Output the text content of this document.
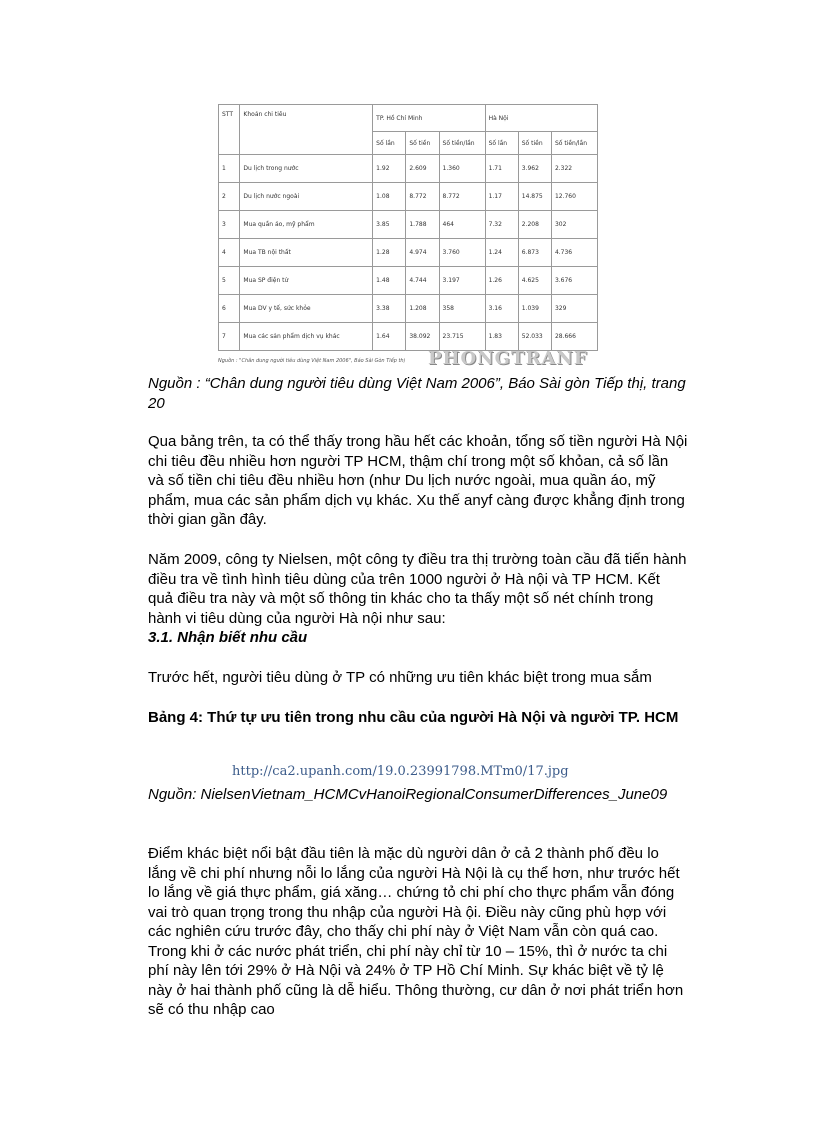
STT	Khoản chi tiêu	TP. Hồ Chí Minh			Hà Nội		
		Số lần	Số tiền	Số tiền/lần	Số lần	Số tiền	Số tiền/lần
1	Du lịch trong nước	1.92	2.609	1.360	1.71	3.962	2.322
2	Du lịch nước ngoài	1.08	8.772	8.772	1.17	14.875	12.760
3	Mua quần áo, mỹ phẩm	3.85	1.788	464	7.32	2.208	302
4	Mua TB nội thất	1.28	4.974	3.760	1.24	6.873	4.736
5	Mua SP điện tử	1.48	4.744	3.197	1.26	4.625	3.676
6	Mua DV y tế, sức khỏe	3.38	1.208	358	3.16	1.039	329
7	Mua các sản phẩm dịch vụ khác	1.64	38.092	23.715	1.83	52.033	28.666
Nguồn : "Chân dung người tiêu dùng Việt Nam 2006", Báo Sài Gòn Tiếp thị PHONGTRANF
Nguồn : “Chân dung người tiêu dùng Việt Nam 2006”, Báo Sài gòn Tiếp thị, trang 20
Qua bảng trên, ta có thể thấy trong hầu hết các khoản, tổng số tiền người Hà Nội chi tiêu đều nhiều hơn người TP HCM, thậm chí trong một số khỏan, cả số lần và số tiền chi tiêu đều nhiều hơn (như Du lịch nước ngoài, mua quần áo, mỹ phẩm, mua các sản phẩm dịch vụ khác. Xu thế anyf càng được khẳng định trong thời gian gần đây.
Năm 2009, công ty Nielsen, một công ty điều tra thị trường toàn cầu đã tiến hành điều tra về tình hình tiêu dùng của trên 1000 người ở Hà nội và TP HCM. Kết quả điều tra này và một số thông tin khác cho ta thấy một số nét chính trong hành vi tiêu dùng của người Hà nội như sau:
3.1. Nhận biết nhu cầu
Trước hết, người tiêu dùng ở TP có những ưu tiên khác biệt trong mua sắm
Bảng 4: Thứ tự ưu tiên trong nhu cầu của người Hà Nội và người TP. HCM
http://ca2.upanh.com/19.0.23991798.MTm0/17.jpg
Nguồn: NielsenVietnam_HCMCvHanoiRegionalConsumerDifferences_June09
Điểm khác biệt nổi bật đầu tiên là mặc dù người dân ở cả 2 thành phố đều lo lắng về chi phí nhưng nỗi lo lắng của người Hà Nội là cụ thể hơn, như trước hết lo lắng về giá thực phẩm, giá xăng… chứng tỏ chi phí cho thực phẩm vẫn đóng vai trò quan trọng trong thu nhập của người Hà ội. Điều này cũng phù hợp với các nghiên cứu trước đây, cho thấy chi phí này ở Việt Nam vẫn còn quá cao. Trong khi ở các nước phát triển, chi phí này chỉ từ 10 – 15%, thì ở nước ta chi phí này lên tới 29% ở Hà Nội và 24% ở TP Hồ Chí Minh. Sự khác biệt về tỷ lệ này ở hai thành phố cũng là dễ hiểu. Thông thường, cư dân ở nơi phát triển hơn sẽ có thu nhập cao
